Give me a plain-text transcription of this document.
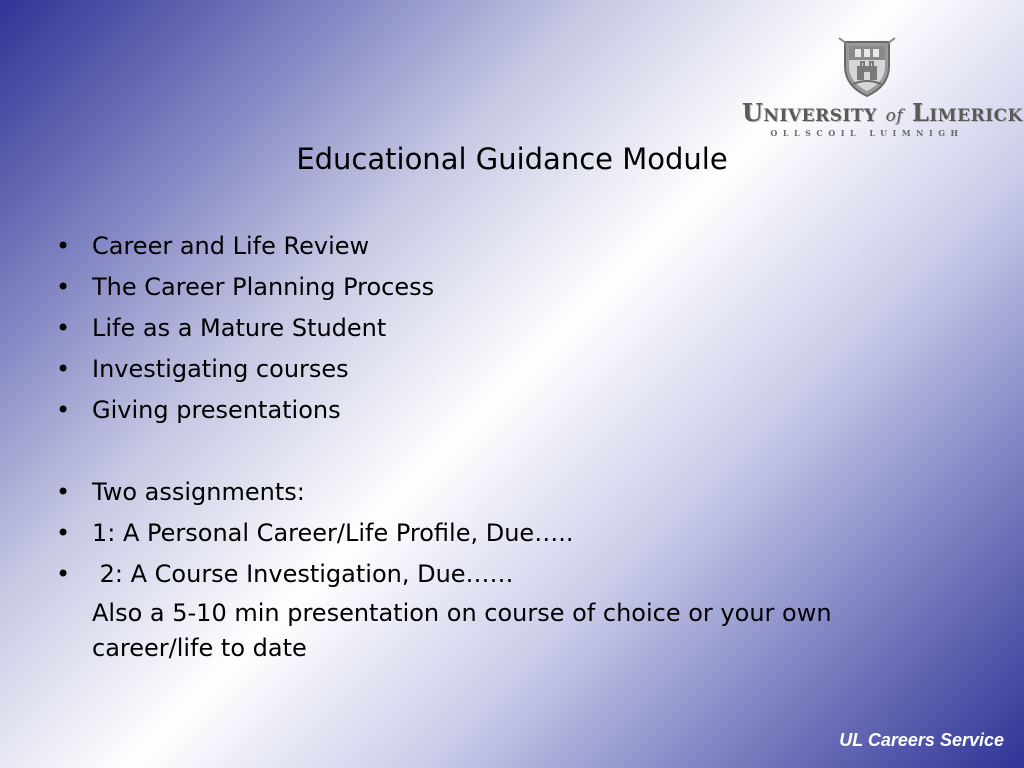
University of Limerick
OLLSCOIL LUIMNIGH
Educational Guidance Module
• Career and Life Review
• The Career Planning Process
• Life as a Mature Student
• Investigating courses
• Giving presentations
• Two assignments:
• 1: A Personal Career/Life Profile, Due…..
• 2: A Course Investigation, Due……

Also a 5-10 min presentation on course of choice or your own career/life to date

UL Careers Service
